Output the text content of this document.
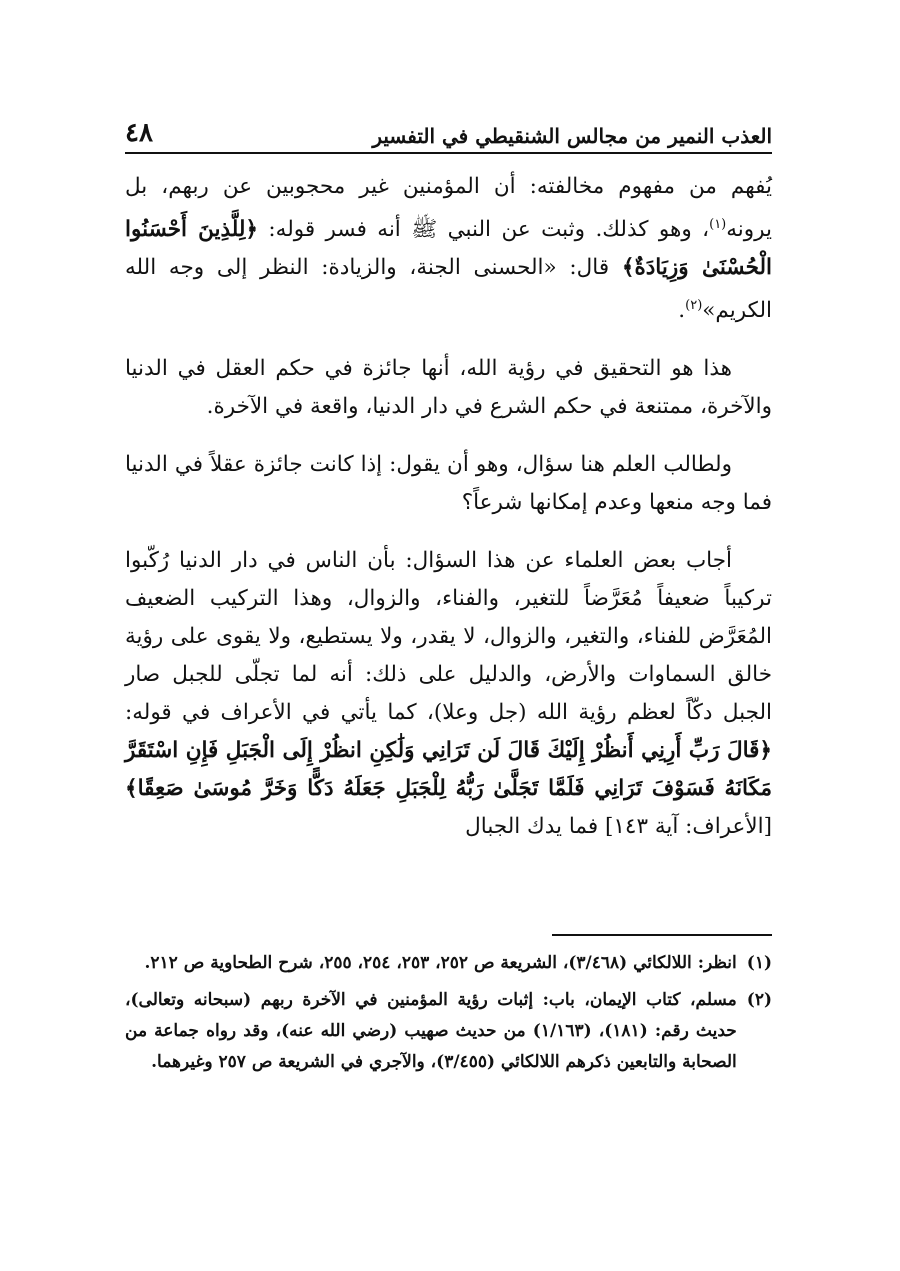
العذب النمير من مجالس الشنقيطي في التفسير
٤٨

يُفهم من مفهوم مخالفته: أن المؤمنين غير محجوبين عن ربهم، بل يرونه$^{(١)}$، وهو كذلك. وثبت عن النبي ﷺ أنه فسر قوله: ﴿لِلَّذِينَ أَحْسَنُوا الْحُسْنَىٰ وَزِيَادَةٌ﴾ قال: «الحسنى الجنة، والزيادة: النظر إلى وجه الله الكريم»$^{(٢)}$.

هذا هو التحقيق في رؤية الله، أنها جائزة في حكم العقل في الدنيا والآخرة، ممتنعة في حكم الشرع في دار الدنيا، واقعة في الآخرة.

ولطالب العلم هنا سؤال، وهو أن يقول: إذا كانت جائزة عقلاً في الدنيا فما وجه منعها وعدم إمكانها شرعاً؟

أجاب بعض العلماء عن هذا السؤال: بأن الناس في دار الدنيا رُكّبوا تركيباً ضعيفاً مُعَرَّضاً للتغير، والفناء، والزوال، وهذا التركيب الضعيف المُعَرَّض للفناء، والتغير، والزوال، لا يقدر، ولا يستطيع، ولا يقوى على رؤية خالق السماوات والأرض، والدليل على ذلك: أنه لما تجلّى للجبل صار الجبل دكّاً لعظم رؤية الله (جل وعلا)، كما يأتي في الأعراف في قوله: ﴿قَالَ رَبِّ أَرِنِي أَنظُرْ إِلَيْكَ قَالَ لَن تَرَانِي وَلَٰكِنِ انظُرْ إِلَى الْجَبَلِ فَإِنِ اسْتَقَرَّ مَكَانَهُ فَسَوْفَ تَرَانِي فَلَمَّا تَجَلَّىٰ رَبُّهُ لِلْجَبَلِ جَعَلَهُ دَكًّا وَخَرَّ مُوسَىٰ صَعِقًا﴾ [الأعراف: آية ١٤٣] فما يدك الجبال

(١)
انظر: اللالكائي (٣/٤٦٨)، الشريعة ص ٢٥٢، ٢٥٣، ٢٥٤، ٢٥٥، شرح الطحاوية ص ٢١٢.
(٢)
مسلم، كتاب الإيمان، باب: إثبات رؤية المؤمنين في الآخرة ربهم (سبحانه وتعالى)، حديث رقم: (١٨١)، (١/١٦٣) من حديث صهيب (رضي الله عنه)، وقد رواه جماعة من الصحابة والتابعين ذكرهم اللالكائي (٣/٤٥٥)، والآجري في الشريعة ص ٢٥٧ وغيرهما.
